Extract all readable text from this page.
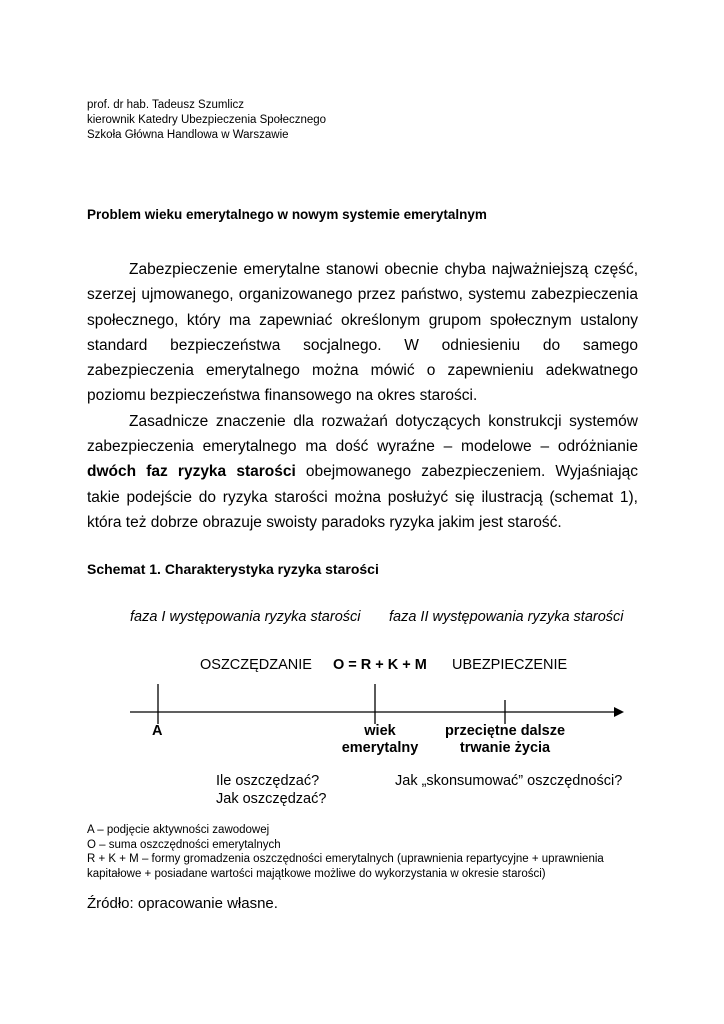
prof. dr hab. Tadeusz Szumlicz
kierownik Katedry Ubezpieczenia Społecznego
Szkoła Główna Handlowa w Warszawie
Problem wieku emerytalnego w nowym systemie emerytalnym

Zabezpieczenie emerytalne stanowi obecnie chyba najważniejszą część, szerzej ujmowanego, organizowanego przez państwo, systemu zabezpieczenia społecznego, który ma zapewniać określonym grupom społecznym ustalony standard bezpieczeństwa socjalnego. W odniesieniu do samego zabezpieczenia emerytalnego można mówić o zapewnieniu adekwatnego poziomu bezpieczeństwa finansowego na okres starości.

Zasadnicze znaczenie dla rozważań dotyczących konstrukcji systemów zabezpieczenia emerytalnego ma dość wyraźne – modelowe – odróżnianie dwóch faz ryzyka starości obejmowanego zabezpieczeniem. Wyjaśniając takie podejście do ryzyka starości można posłużyć się ilustracją (schemat 1), która też dobrze obrazuje swoisty paradoks ryzyka jakim jest starość.

Schemat 1. Charakterystyka ryzyka starości
faza I występowania ryzyka starości faza II występowania ryzyka starości
OSZCZĘDZANIE O = R + K + M UBEZPIECZENIE
A	wiek
emerytalny
przeciętne dalsze
trwanie życia
Ile oszczędzać?
Jak oszczędzać?
Jak „skonsumować” oszczędności?
A – podjęcie aktywności zawodowej
O – suma oszczędności emerytalnych
R + K + M – formy gromadzenia oszczędności emerytalnych (uprawnienia repartycyjne + uprawnienia kapitałowe + posiadane wartości majątkowe możliwe do wykorzystania w okresie starości)
Źródło: opracowanie własne.
